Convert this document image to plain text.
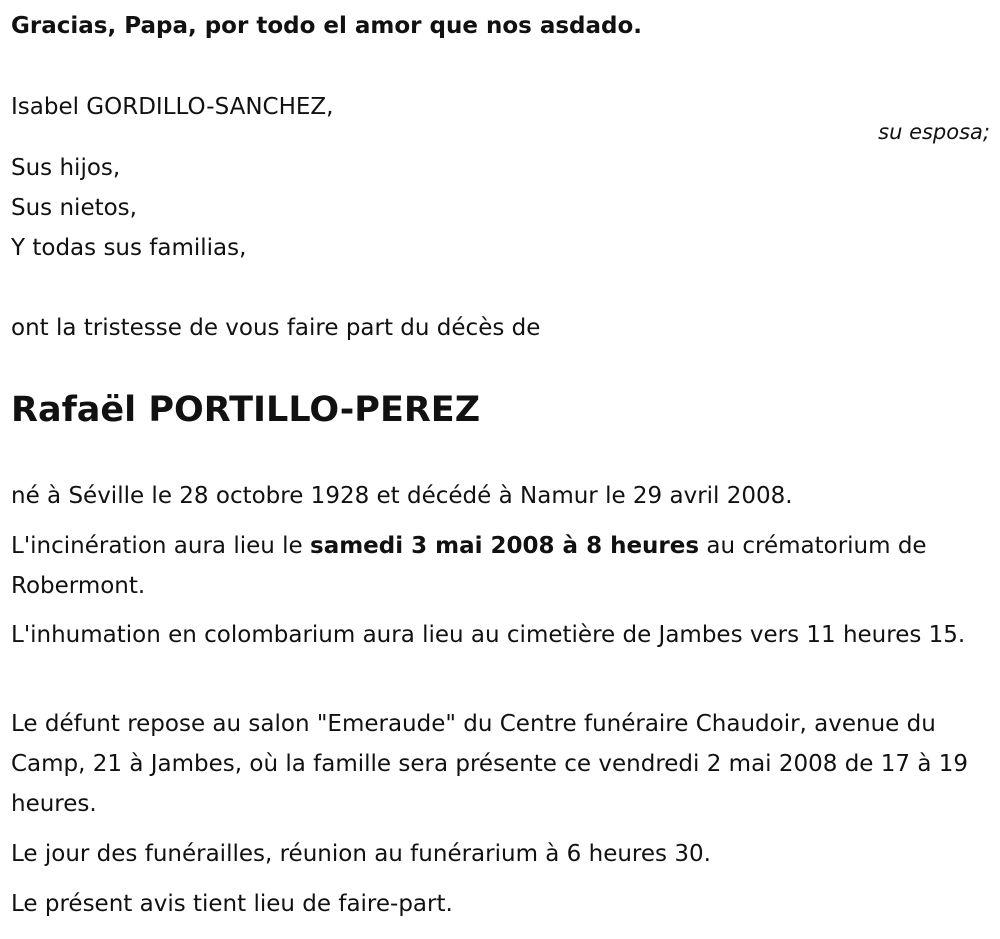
Gracias, Papa, por todo el amor que nos asdado.
Isabel GORDILLO-SANCHEZ,
su esposa;
Sus hijos,
Sus nietos,
Y todas sus familias,
ont la tristesse de vous faire part du décès de
Rafaël PORTILLO-PEREZ
né à Séville le 28 octobre 1928 et décédé à Namur le 29 avril 2008.
L'incinération aura lieu le samedi 3 mai 2008 à 8 heures au crématorium de Robermont.
L'inhumation en colombarium aura lieu au cimetière de Jambes vers 11 heures 15.
Le défunt repose au salon "Emeraude" du Centre funéraire Chaudoir, avenue du Camp, 21 à Jambes, où la famille sera présente ce vendredi 2 mai 2008 de 17 à 19 heures.
Le jour des funérailles, réunion au funérarium à 6 heures 30.
Le présent avis tient lieu de faire-part.
